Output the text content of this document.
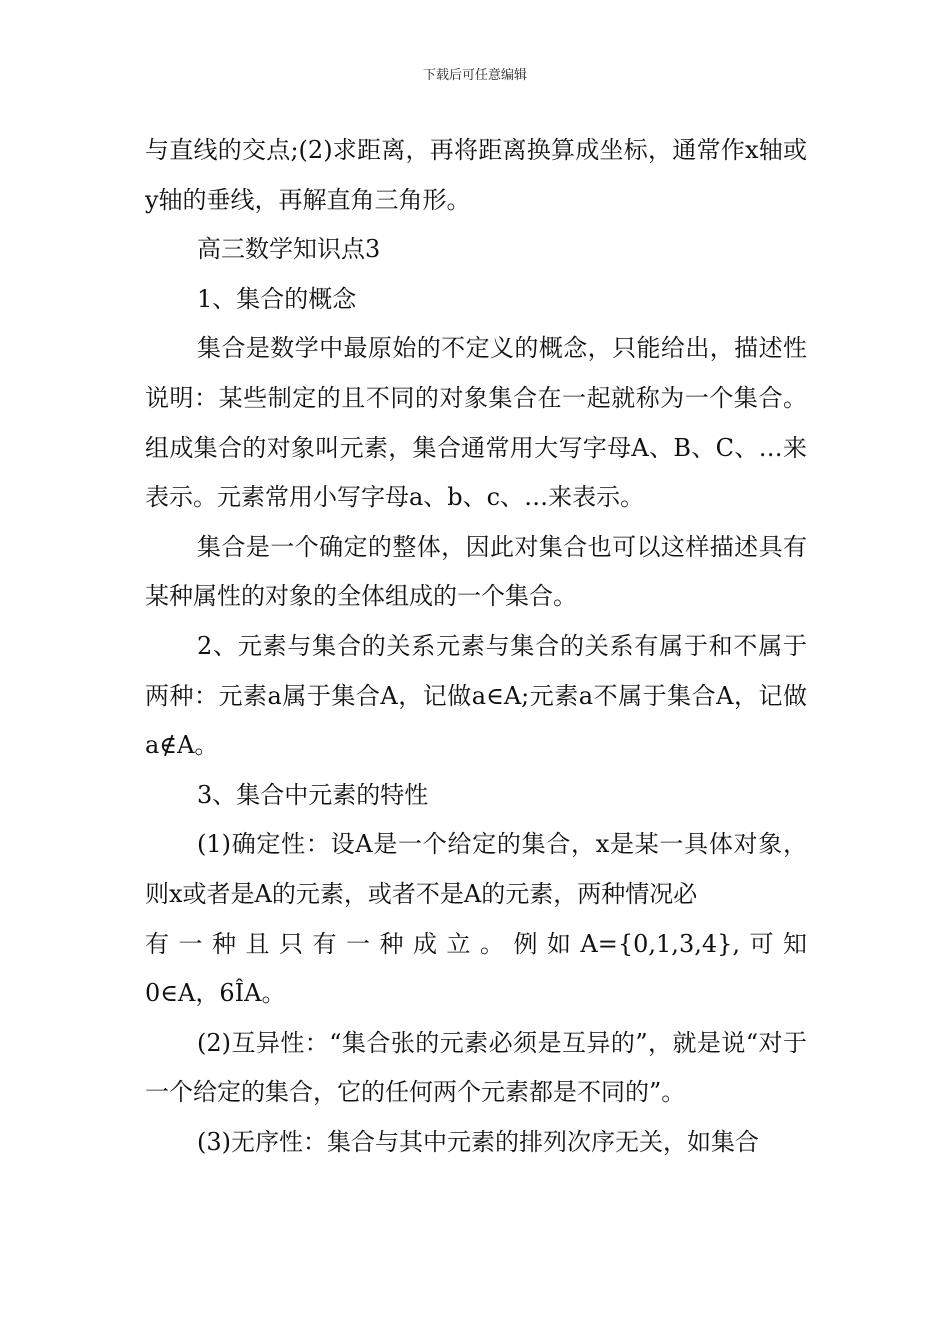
下载后可任意编辑

与直线的交点;(2)求距离，再将距离换算成坐标，通常作x轴或y轴的垂线，再解直角三角形。

高三数学知识点3

1、集合的概念

集合是数学中最原始的不定义的概念，只能给出，描述性说明：某些制定的且不同的对象集合在一起就称为一个集合。组成集合的对象叫元素，集合通常用大写字母A、B、C、…来表示。元素常用小写字母a、b、c、…来表示。

集合是一个确定的整体，因此对集合也可以这样描述具有某种属性的对象的全体组成的一个集合。

2、元素与集合的关系元素与集合的关系有属于和不属于两种：元素a属于集合A，记做a∈A;元素a不属于集合A，记做a∉A。

3、集合中元素的特性

(1)确定性：设A是一个给定的集合，x是某一具体对象，则x或者是A的元素，或者不是A的元素，两种情况必

有一种且只有一种成立。例如A={0,1,3,4},可知

0∈A，6ÎA。

(2)互异性：“集合张的元素必须是互异的”，就是说“对于一个给定的集合，它的任何两个元素都是不同的”。

(3)无序性：集合与其中元素的排列次序无关，如集合
